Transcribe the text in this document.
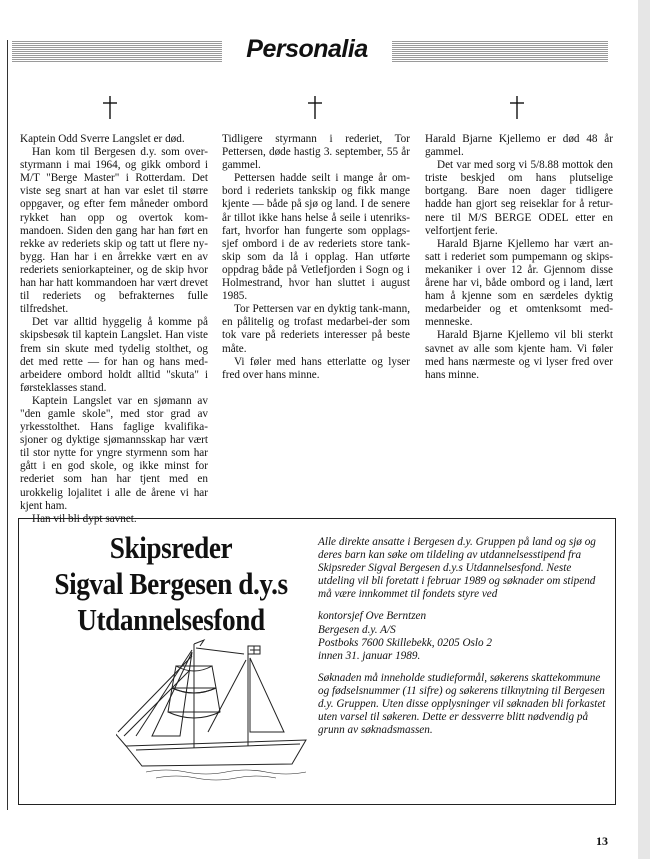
Personalia

Kaptein Odd Sverre Langslet er død.

Han kom til Bergesen d.y. som over-styrmann i mai 1964, og gikk ombord i M/T "Berge Master" i Rotterdam. Det viste seg snart at han var eslet til større oppgaver, og efter fem måneder ombord rykket han opp og overtok kom-mandoen. Siden den gang har han ført en rekke av rederiets skip og tatt ut flere ny-bygg. Han har i en årrekke vært en av rederiets seniorkapteiner, og de skip hvor han har hatt kommandoen har vært drevet til rederiets og befrakternes fulle tilfredshet.

Det var alltid hyggelig å komme på skipsbesøk til kaptein Langslet. Han viste frem sin skute med tydelig stolthet, og det med rette — for han og hans med-arbeidere ombord holdt alltid "skuta" i førsteklasses stand.

Kaptein Langslet var en sjømann av "den gamle skole", med stor grad av yrkesstolthet. Hans faglige kvalifika-sjoner og dyktige sjømannsskap har vært til stor nytte for yngre styrmenn som har gått i en god skole, og ikke minst for rederiet som han har tjent med en urokkelig lojalitet i alle de årene vi har kjent ham.

Han vil bli dypt savnet.

Tidligere styrmann i rederiet, Tor Pettersen, døde hastig 3. september, 55 år gammel.

Pettersen hadde seilt i mange år om-bord i rederiets tankskip og fikk mange kjente — både på sjø og land. I de senere år tillot ikke hans helse å seile i utenriks-fart, hvorfor han fungerte som opplags-sjef ombord i de av rederiets store tank-skip som da lå i opplag. Han utførte oppdrag både på Vetlefjorden i Sogn og i Holmestrand, hvor han sluttet i august 1985.

Tor Pettersen var en dyktig tank-mann, en pålitelig og trofast medarbei-der som tok vare på rederiets interesser på beste måte.

Vi føler med hans etterlatte og lyser fred over hans minne.

Harald Bjarne Kjellemo er død 48 år gammel.

Det var med sorg vi 5/8.88 mottok den triste beskjed om hans plutselige bortgang. Bare noen dager tidligere hadde han gjort seg reiseklar for å retur-nere til M/S BERGE ODEL etter en velfortjent ferie.

Harald Bjarne Kjellemo har vært an-satt i rederiet som pumpemann og skips-mekaniker i over 12 år. Gjennom disse årene har vi, både ombord og i land, lært ham å kjenne som en særdeles dyktig medarbeider og et omtenksomt med-menneske.

Harald Bjarne Kjellemo vil bli sterkt savnet av alle som kjente ham. Vi føler med hans nærmeste og vi lyser fred over hans minne.

Skipsreder
Sigval Bergesen d.y.s
Utdannelsesfond

Alle direkte ansatte i Bergesen d.y. Gruppen på land og sjø og deres barn kan søke om tildeling av utdannelsesstipend fra Skipsreder Sigval Bergesen d.y.s Utdannelsesfond. Neste utdeling vil bli foretatt i februar 1989 og søknader om stipend må være innkommet til fondets styre ved

kontorsjef Ove Berntzen
Bergesen d.y. A/S
Postboks 7600 Skillebekk, 0205 Oslo 2
innen 31. januar 1989.

Søknaden må inneholde studieformål, søkerens skattekommune og fødselsnummer (11 sifre) og søkerens tilknytning til Bergesen d.y. Gruppen. Uten disse opplysninger vil søknaden bli forkastet uten varsel til søkeren. Dette er dessverre blitt nødvendig på grunn av søknadsmassen.

13
